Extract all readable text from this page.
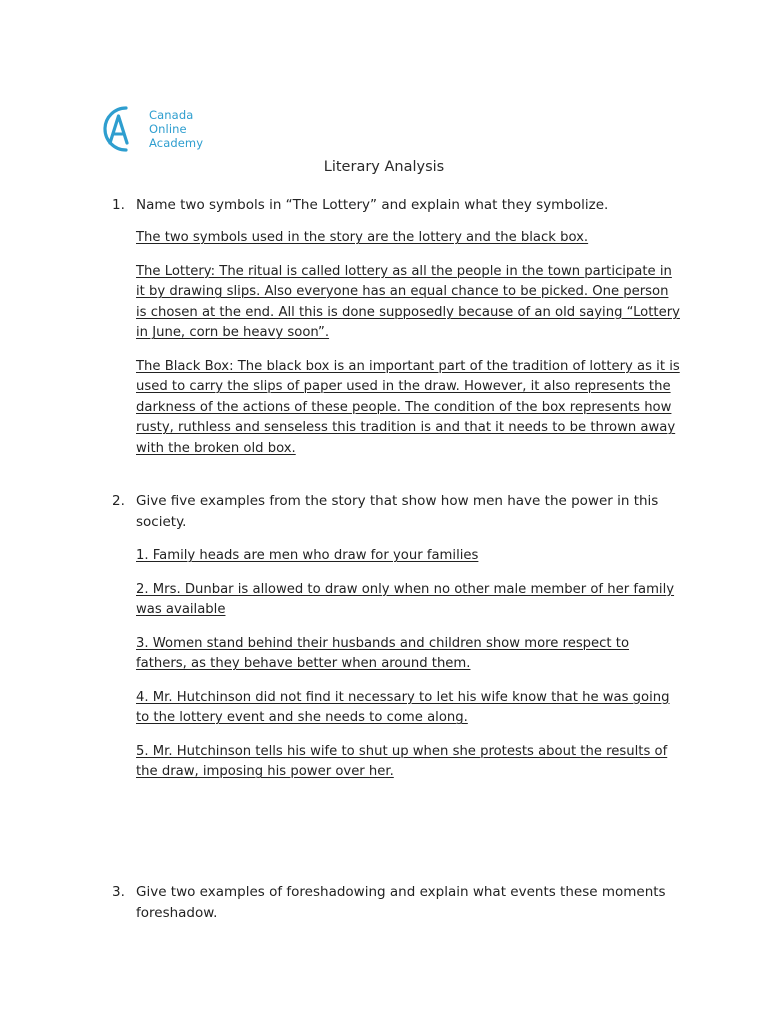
Canada
Online
Academy
Literary Analysis
1. Name two symbols in “The Lottery” and explain what they symbolize.

The two symbols used in the story are the lottery and the black box.

The Lottery: The ritual is called lottery as all the people in the town participate in it by drawing slips. Also everyone has an equal chance to be picked. One person is chosen at the end. All this is done supposedly because of an old saying “Lottery in June, corn be heavy soon”.

The Black Box: The black box is an important part of the tradition of lottery as it is used to carry the slips of paper used in the draw. However, it also represents the darkness of the actions of these people. The condition of the box represents how rusty, ruthless and senseless this tradition is and that it needs to be thrown away with the broken old box.

2. Give five examples from the story that show how men have the power in this society.

1. Family heads are men who draw for your families

2. Mrs. Dunbar is allowed to draw only when no other male member of her family was available

3. Women stand behind their husbands and children show more respect to fathers, as they behave better when around them.

4. Mr. Hutchinson did not find it necessary to let his wife know that he was going to the lottery event and she needs to come along.

5. Mr. Hutchinson tells his wife to shut up when she protests about the results of the draw, imposing his power over her.

3. Give two examples of foreshadowing and explain what events these moments foreshadow.
